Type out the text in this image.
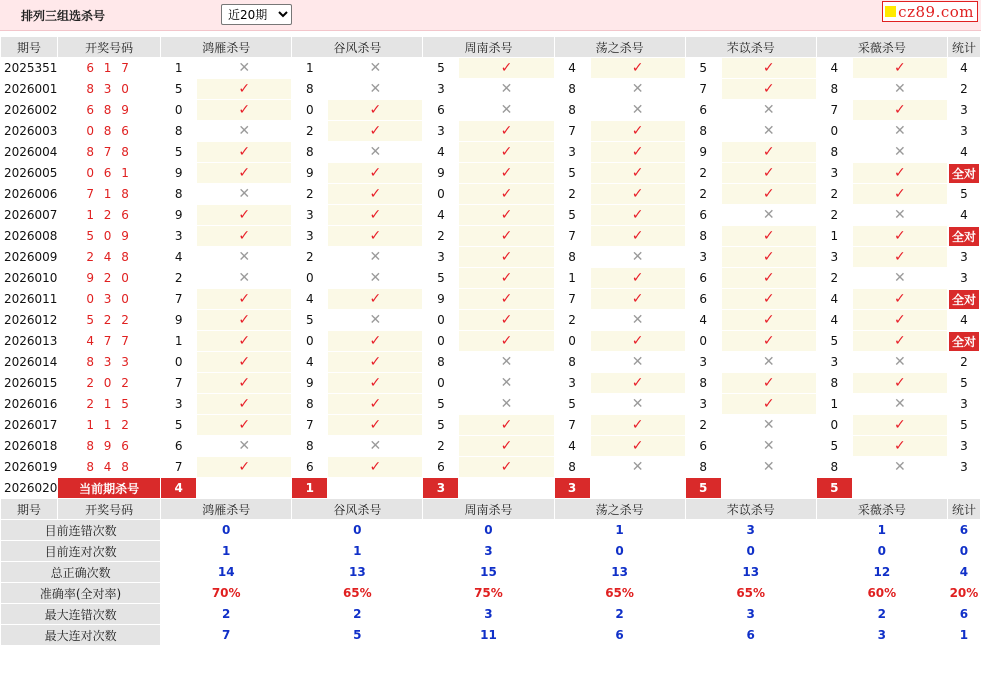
排列三组选杀号
近20期	cz89.com
期号	开奖号码	鸿雁杀号		谷风杀号		周南杀号		荡之杀号		芣苡杀号		采薇杀号		统计
2025351	6 1 7	1	✕	1	✕	5	✓	4	✓	5	✓	4	✓	4
2026001	8 3 0	5	✓	8	✕	3	✕	8	✕	7	✓	8	✕	2
2026002	6 8 9	0	✓	0	✓	6	✕	8	✕	6	✕	7	✓	3
2026003	0 8 6	8	✕	2	✓	3	✓	7	✓	8	✕	0	✕	3
2026004	8 7 8	5	✓	8	✕	4	✓	3	✓	9	✓	8	✕	4
2026005	0 6 1	9	✓	9	✓	9	✓	5	✓	2	✓	3	✓	全对
2026006	7 1 8	8	✕	2	✓	0	✓	2	✓	2	✓	2	✓	5
2026007	1 2 6	9	✓	3	✓	4	✓	5	✓	6	✕	2	✕	4
2026008	5 0 9	3	✓	3	✓	2	✓	7	✓	8	✓	1	✓	全对
2026009	2 4 8	4	✕	2	✕	3	✓	8	✕	3	✓	3	✓	3
2026010	9 2 0	2	✕	0	✕	5	✓	1	✓	6	✓	2	✕	3
2026011	0 3 0	7	✓	4	✓	9	✓	7	✓	6	✓	4	✓	全对
2026012	5 2 2	9	✓	5	✕	0	✓	2	✕	4	✓	4	✓	4
2026013	4 7 7	1	✓	0	✓	0	✓	0	✓	0	✓	5	✓	全对
2026014	8 3 3	0	✓	4	✓	8	✕	8	✕	3	✕	3	✕	2
2026015	2 0 2	7	✓	9	✓	0	✕	3	✓	8	✓	8	✓	5
2026016	2 1 5	3	✓	8	✓	5	✕	5	✕	3	✓	1	✕	3
2026017	1 1 2	5	✓	7	✓	5	✓	7	✓	2	✕	0	✓	5
2026018	8 9 6	6	✕	8	✕	2	✓	4	✓	6	✕	5	✓	3
2026019	8 4 8	7	✓	6	✓	6	✓	8	✕	8	✕	8	✕	3
2026020	当前期杀号	4		1		3		3		5		5		
期号	开奖号码	鸿雁杀号		谷风杀号		周南杀号		荡之杀号		芣苡杀号		采薇杀号		统计
目前连错次数		0		0		0		1		3		1		6
目前连对次数		1		1		3		0		0		0		0
总正确次数		14		13		15		13		13		12		4
准确率(全对率)		70%		65%		75%		65%		65%		60%		20%
最大连错次数		2		2		3		2		3		2		6
最大连对次数		7		5		11		6		6		3		1
